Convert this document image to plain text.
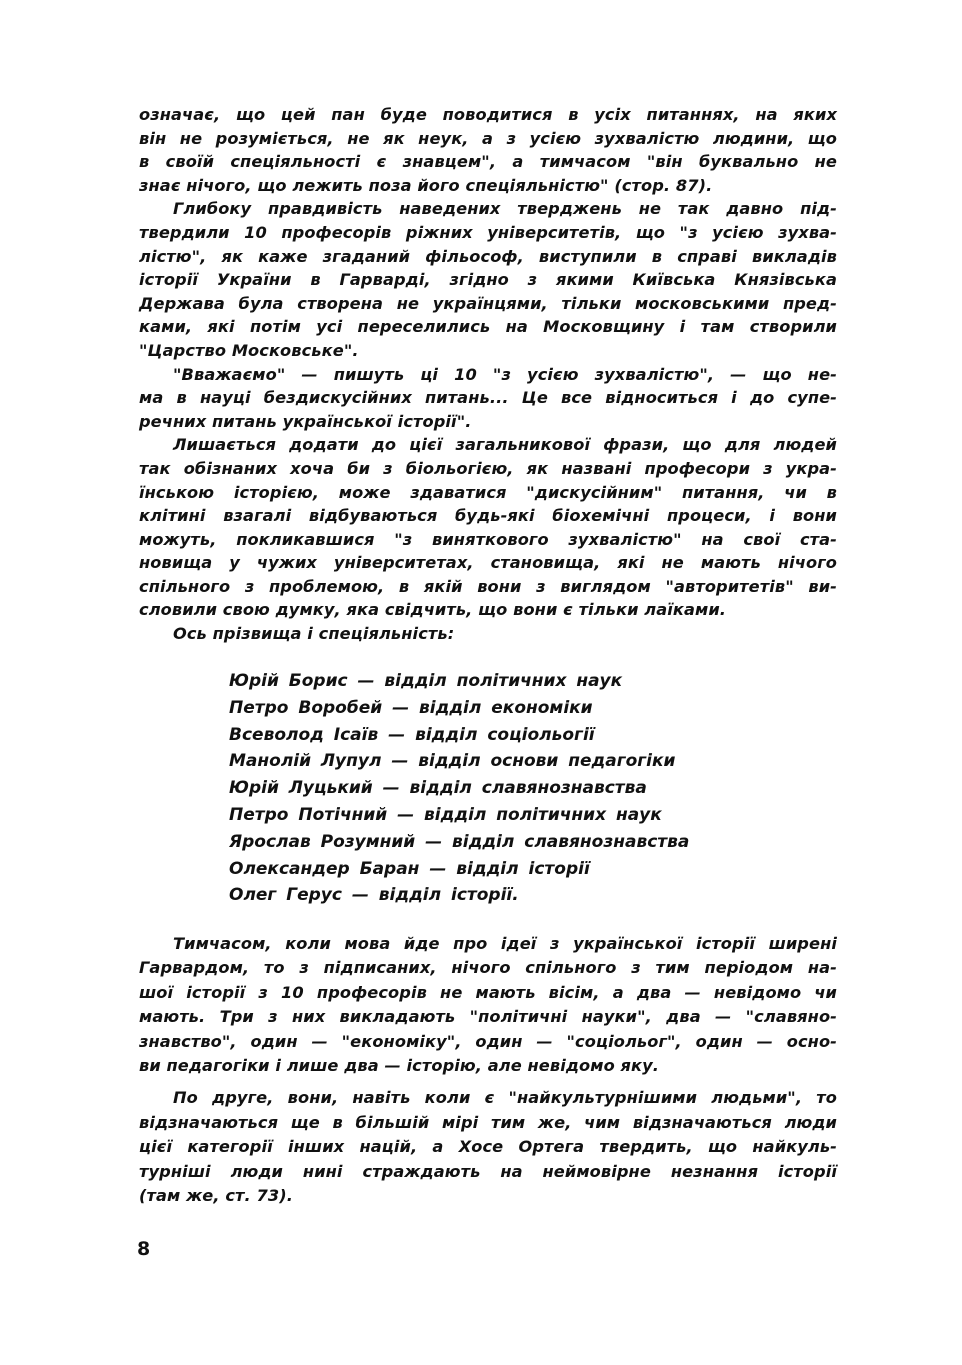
означає, що цей пан буде поводитися в усіх питаннях, на яких
він не розуміється, не як неук, а з усією зухвалістю людини, що
в своїй спеціяльності є знавцем", а тимчасом "він буквально не
знає нічого, що лежить поза його спеціяльністю" (стор. 87).
Глибоку правдивість наведених тверджень не так давно під-
твердили 10 професорів ріжних університетів, що "з усією зухва-
лістю", як каже згаданий фільософ, виступили в справі викладів
історії України в Гарварді, згідно з якими Київська Князівська
Держава була створена не українцями, тільки московськими пред-
ками, які потім усі переселились на Московщину і там створили
"Царство Московське".
"Вважаємо" — пишуть ці 10 "з усією зухвалістю", — що не-
ма в науці бездискусійних питань... Це все відноситься і до супе-
речних питань української історії".
Лишається додати до цієї загальникової фрази, що для людей
так обізнаних хоча би з біольогією, як названі професори з укра-
їнською історією, може здаватися "дискусійним" питання, чи в
клітині взагалі відбуваються будь-які біохемічні процеси, і вони
можуть, покликавшися "з виняткового зухвалістю" на свої ста-
новища у чужих університетах, становища, які не мають нічого
спільного з проблемою, в якій вони з виглядом "авторитетів" ви-
словили свою думку, яка свідчить, що вони є тільки лаїками.
Ось прізвища і спеціяльність:
Юрій Борис — відділ політичних наук
Петро Воробей — відділ економіки
Всеволод Ісаїв — відділ соціольогії
Манолій Лупул — відділ основи педагогіки
Юрій Луцький — відділ славянознавства
Петро Потічний — відділ політичних наук
Ярослав Розумний — відділ славянознавства
Олександер Баран — відділ історії
Олег Герус — відділ історії.
Тимчасом, коли мова йде про ідеї з української історії ширені
Гарвардом, то з підписаних, нічого спільного з тим періодом на-
шої історії з 10 професорів не мають вісім, а два — невідомо чи
мають. Три з них викладають "політичні науки", два — "славяно-
знавство", один — "економіку", один — "соціольог", один — осно-
ви педагогіки і лише два — історію, але невідомо яку.
По друге, вони, навіть коли є "найкультурнішими людьми", то
відзначаються ще в більшій мірі тим же, чим відзначаються люди
цієї категорії інших націй, а Хосе Ортега твердить, що найкуль-
турніші люди нині страждають на неймовірне незнання історії
(там же, ст. 73).
8
